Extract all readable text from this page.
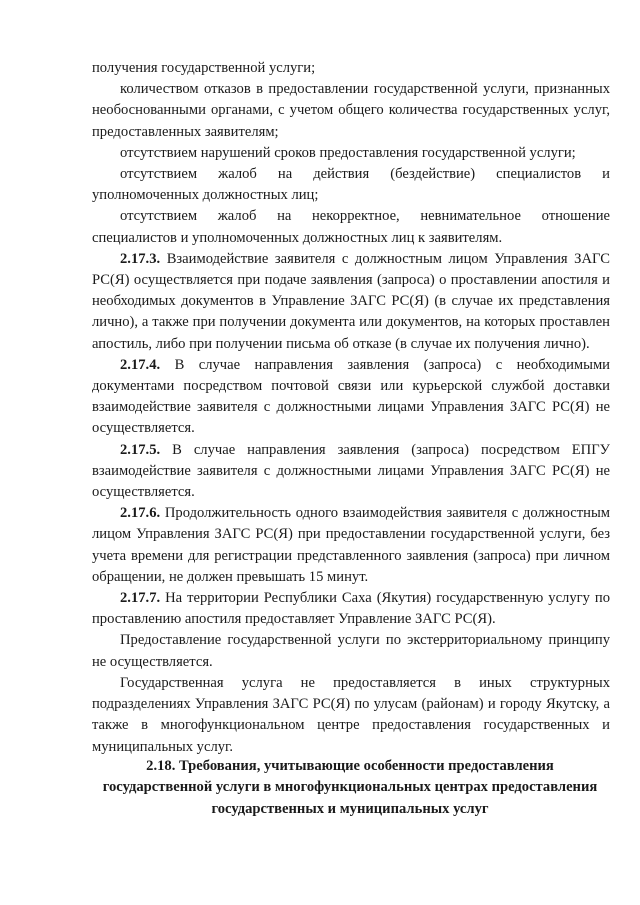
получения государственной услуги;

количеством отказов в предоставлении государственной услуги, признанных необоснованными органами, с учетом общего количества государственных услуг, предоставленных заявителям;

отсутствием нарушений сроков предоставления государственной услуги;

отсутствием жалоб на действия (бездействие) специалистов и уполномоченных должностных лиц;

отсутствием жалоб на некорректное, невнимательное отношение специалистов и уполномоченных должностных лиц к заявителям.

2.17.3. Взаимодействие заявителя с должностным лицом Управления ЗАГС РС(Я) осуществляется при подаче заявления (запроса) о проставлении апостиля и необходимых документов в Управление ЗАГС РС(Я) (в случае их представления лично), а также при получении документа или документов, на которых проставлен апостиль, либо при получении письма об отказе (в случае их получения лично).

2.17.4. В случае направления заявления (запроса) с необходимыми документами посредством почтовой связи или курьерской службой доставки взаимодействие заявителя с должностными лицами Управления ЗАГС РС(Я) не осуществляется.

2.17.5. В случае направления заявления (запроса) посредством ЕПГУ взаимодействие заявителя с должностными лицами Управления ЗАГС РС(Я) не осуществляется.

2.17.6. Продолжительность одного взаимодействия заявителя с должностным лицом Управления ЗАГС РС(Я) при предоставлении государственной услуги, без учета времени для регистрации представленного заявления (запроса) при личном обращении, не должен превышать 15 минут.

2.17.7. На территории Республики Саха (Якутия) государственную услугу по проставлению апостиля предоставляет Управление ЗАГС РС(Я).

Предоставление государственной услуги по экстерриториальному принципу не осуществляется.

Государственная услуга не предоставляется в иных структурных подразделениях Управления ЗАГС РС(Я) по улусам (районам) и городу Якутску, а также в многофункциональном центре предоставления государственных и муниципальных услуг.

2.18. Требования, учитывающие особенности предоставления
государственной услуги в многофункциональных центрах предоставления
государственных и муниципальных услуг
